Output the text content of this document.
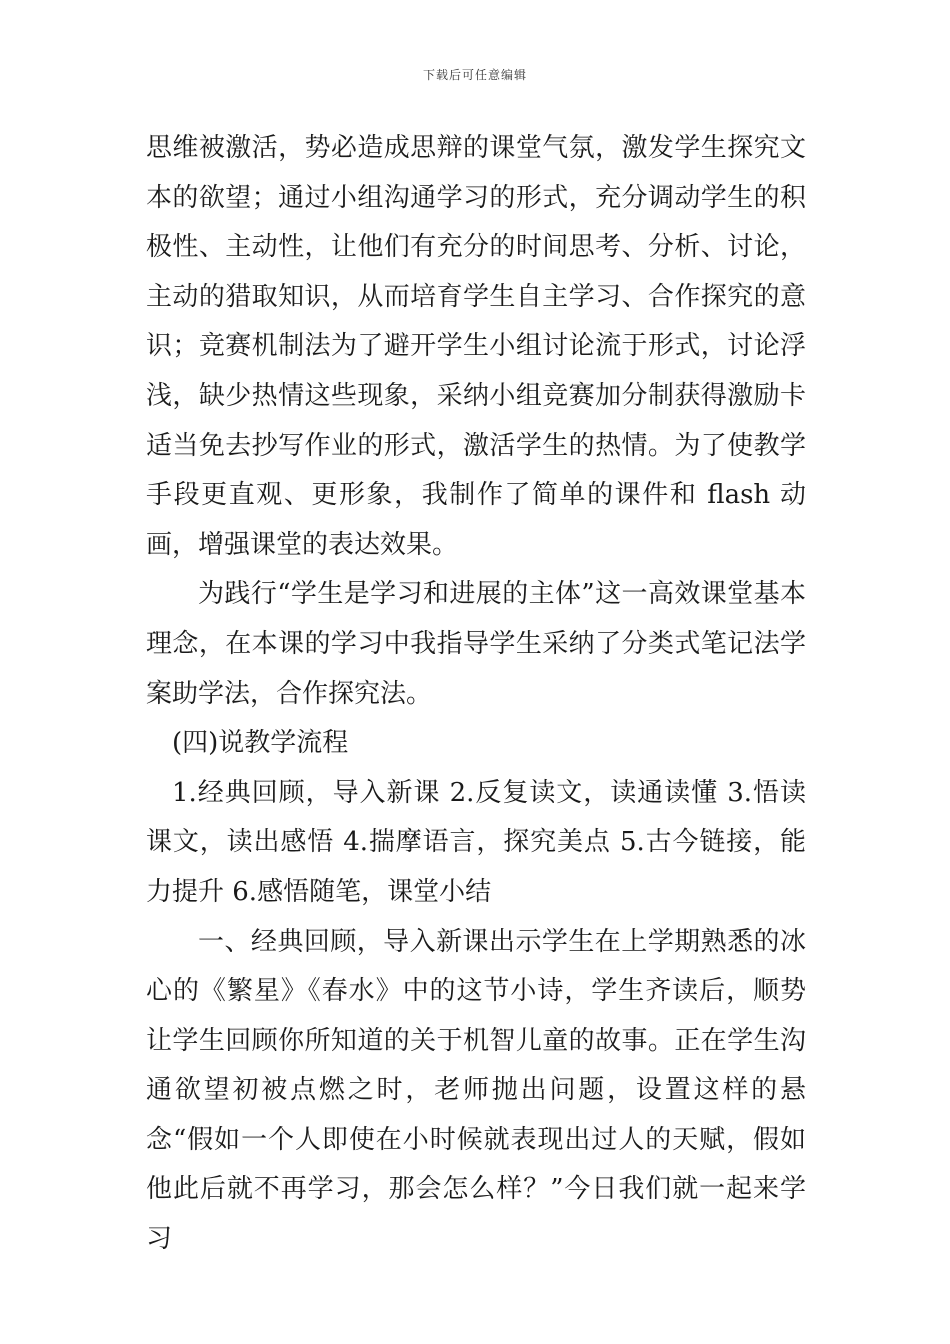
下载后可任意编辑

思维被激活，势必造成思辩的课堂气氛，激发学生探究文本的欲望；通过小组沟通学习的形式，充分调动学生的积极性、主动性，让他们有充分的时间思考、分析、讨论，主动的猎取知识，从而培育学生自主学习、合作探究的意识；竞赛机制法为了避开学生小组讨论流于形式，讨论浮浅，缺少热情这些现象，采纳小组竞赛加分制获得激励卡适当免去抄写作业的形式，激活学生的热情。为了使教学手段更直观、更形象，我制作了简单的课件和 flash 动画，增强课堂的表达效果。

为践行“学生是学习和进展的主体”这一高效课堂基本理念，在本课的学习中我指导学生采纳了分类式笔记法学案助学法，合作探究法。

(四)说教学流程

1.经典回顾，导入新课 2.反复读文，读通读懂 3.悟读课文，读出感悟 4.揣摩语言，探究美点 5.古今链接，能力提升 6.感悟随笔，课堂小结

一、经典回顾，导入新课出示学生在上学期熟悉的冰心的《繁星》《春水》中的这节小诗，学生齐读后，顺势让学生回顾你所知道的关于机智儿童的故事。正在学生沟通欲望初被点燃之时，老师抛出问题，设置这样的悬念“假如一个人即使在小时候就表现出过人的天赋，假如他此后就不再学习，那会怎么样？”今日我们就一起来学习
